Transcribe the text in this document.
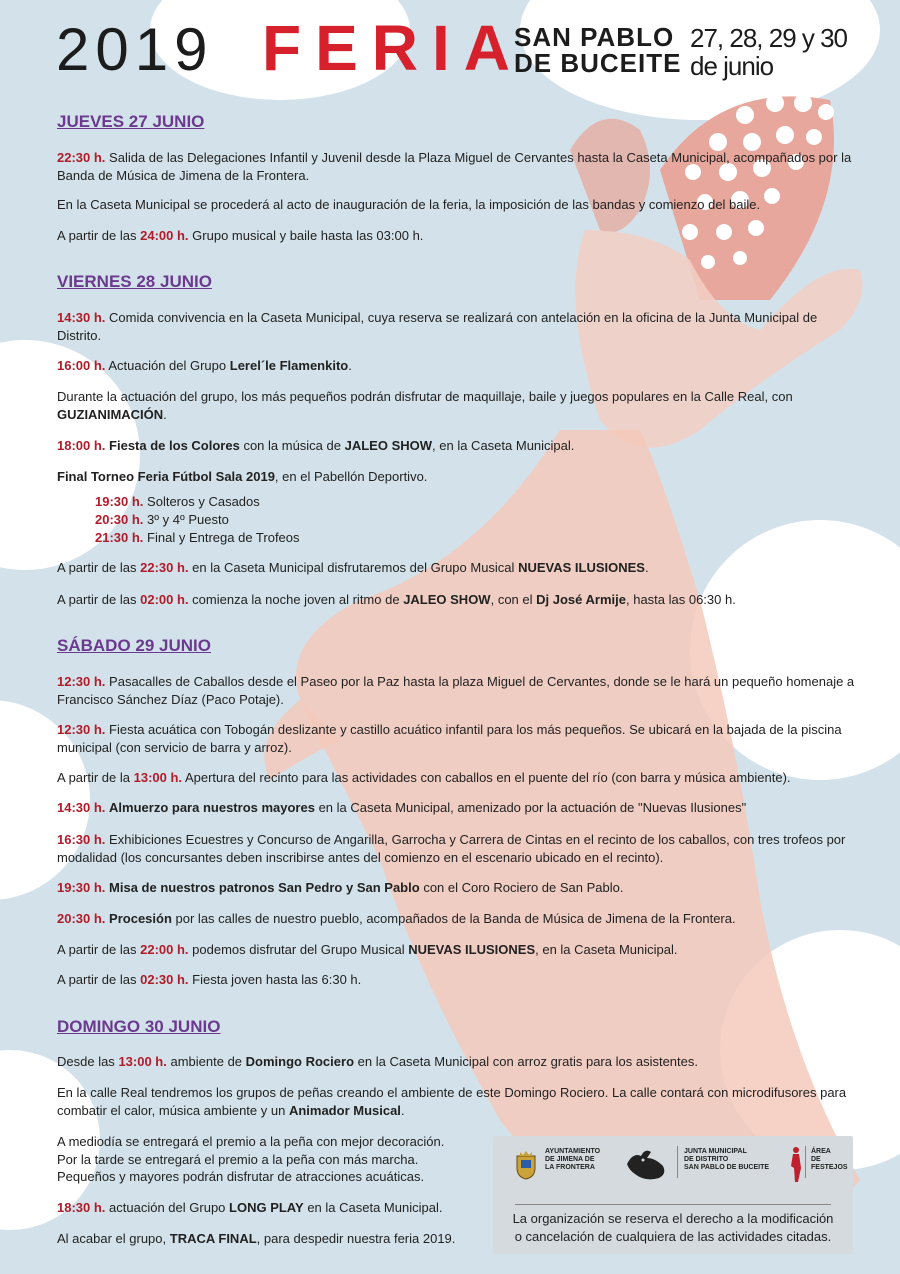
2019 FERIA
SAN PABLO
DE BUCEITE
27, 28, 29 y 30
de junio
JUEVES 27 JUNIO
22:30 h. Salida de las Delegaciones Infantil y Juvenil desde la Plaza Miguel de Cervantes hasta la Caseta Municipal, acompañados por la Banda de Música de Jimena de la Frontera.
En la Caseta Municipal se procederá al acto de inauguración de la feria, la imposición de las bandas y comienzo del baile.
A partir de las 24:00 h. Grupo musical y baile hasta las 03:00 h.
VIERNES 28 JUNIO
14:30 h. Comida convivencia en la Caseta Municipal, cuya reserva se realizará con antelación en la oficina de la Junta Municipal de Distrito.
16:00 h. Actuación del Grupo Lerel´le Flamenkito.
Durante la actuación del grupo, los más pequeños podrán disfrutar de maquillaje, baile y juegos populares en la Calle Real, con GUZIANIMACIÓN.
18:00 h. Fiesta de los Colores con la música de JALEO SHOW, en la Caseta Municipal.
Final Torneo Feria Fútbol Sala 2019, en el Pabellón Deportivo.
19:30 h. Solteros y Casados
20:30 h. 3º y 4º Puesto
21:30 h. Final y Entrega de Trofeos
A partir de las 22:30 h. en la Caseta Municipal disfrutaremos del Grupo Musical NUEVAS ILUSIONES.
A partir de las 02:00 h. comienza la noche joven al ritmo de JALEO SHOW, con el Dj José Armije, hasta las 06:30 h.
SÁBADO 29 JUNIO
12:30 h. Pasacalles de Caballos desde el Paseo por la Paz hasta la plaza Miguel de Cervantes, donde se le hará un pequeño homenaje a Francisco Sánchez Díaz (Paco Potaje).
12:30 h. Fiesta acuática con Tobogán deslizante y castillo acuático infantil para los más pequeños. Se ubicará en la bajada de la piscina municipal (con servicio de barra y arroz).
A partir de la 13:00 h. Apertura del recinto para las actividades con caballos en el puente del río (con barra y música ambiente).
14:30 h. Almuerzo para nuestros mayores en la Caseta Municipal, amenizado por la actuación de "Nuevas Ilusiones"
16:30 h. Exhibiciones Ecuestres y Concurso de Angarilla, Garrocha y Carrera de Cintas en el recinto de los caballos, con tres trofeos por modalidad (los concursantes deben inscribirse antes del comienzo en el escenario ubicado en el recinto).
19:30 h. Misa de nuestros patronos San Pedro y San Pablo con el Coro Rociero de San Pablo.
20:30 h. Procesión por las calles de nuestro pueblo, acompañados de la Banda de Música de Jimena de la Frontera.
A partir de las 22:00 h. podemos disfrutar del Grupo Musical NUEVAS ILUSIONES, en la Caseta Municipal.
A partir de las 02:30 h. Fiesta joven hasta las 6:30 h.
DOMINGO 30 JUNIO
Desde las 13:00 h. ambiente de Domingo Rociero en la Caseta Municipal con arroz gratis para los asistentes.
En la calle Real tendremos los grupos de peñas creando el ambiente de este Domingo Rociero. La calle contará con microdifusores para combatir el calor, música ambiente y un Animador Musical.
A mediodía se entregará el premio a la peña con mejor decoración.
Por la tarde se entregará el premio a la peña con más marcha.
Pequeños y mayores podrán disfrutar de atracciones acuáticas.
18:30 h. actuación del Grupo LONG PLAY en la Caseta Municipal.
Al acabar el grupo, TRACA FINAL, para despedir nuestra feria 2019.
AYUNTAMIENTO
DE JIMENA DE
LA FRONTERA
JUNTA MUNICIPAL
DE DISTRITO
SAN PABLO DE BUCEITE
ÁREA
DE
FESTEJOS
La organización se reserva el derecho a la modificación
o cancelación de cualquiera de las actividades citadas.
